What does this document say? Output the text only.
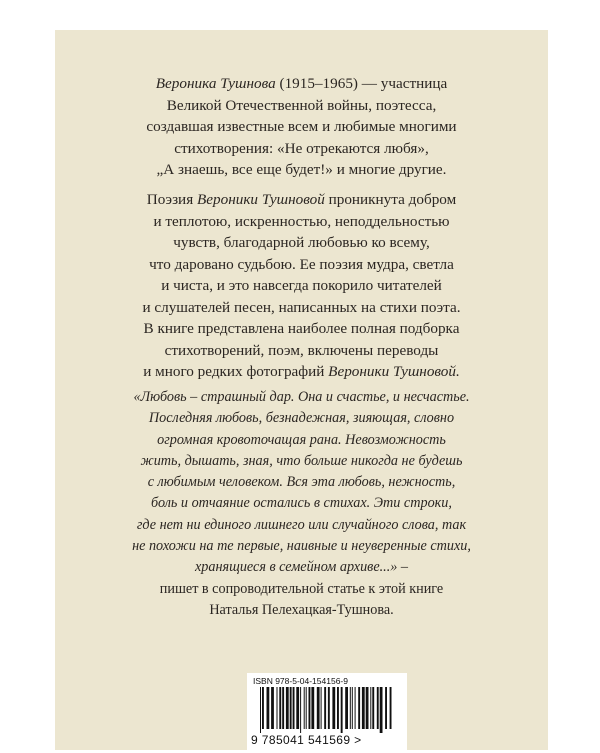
Вероника Тушнова (1915–1965) — участница
Великой Отечественной войны, поэтесса,
создавшая известные всем и любимые многими
стихотворения: «Не отрекаются любя»,
„А знаешь, все еще будет!» и многие другие.

Поэзия Вероники Тушновой проникнута добром
и теплотою, искренностью, неподдельностью
чувств, благодарной любовью ко всему,
что даровано судьбою. Ее поэзия мудра, светла
и чиста, и это навсегда покорило читателей
и слушателей песен, написанных на стихи поэта.
В книге представлена наиболее полная подборка
стихотворений, поэм, включены переводы
и много редких фотографий Вероники Тушновой.

«Любовь – страшный дар. Она и счастье, и несчастье.
Последняя любовь, безнадежная, зияющая, словно
огромная кровоточащая рана. Невозможность
жить, дышать, зная, что больше никогда не будешь
с любимым человеком. Вся эта любовь, нежность,
боль и отчаяние остались в стихах. Эти строки,
где нет ни единого лишнего или случайного слова, так
не похожи на те первые, наивные и неуверенные стихи,
хранящиеся в семейном архиве...» –
пишет в сопроводительной статье к этой книге
Наталья Пелехацкая-Тушнова.

ISBN 978-5-04-154156-9
9 785041 541569 >
